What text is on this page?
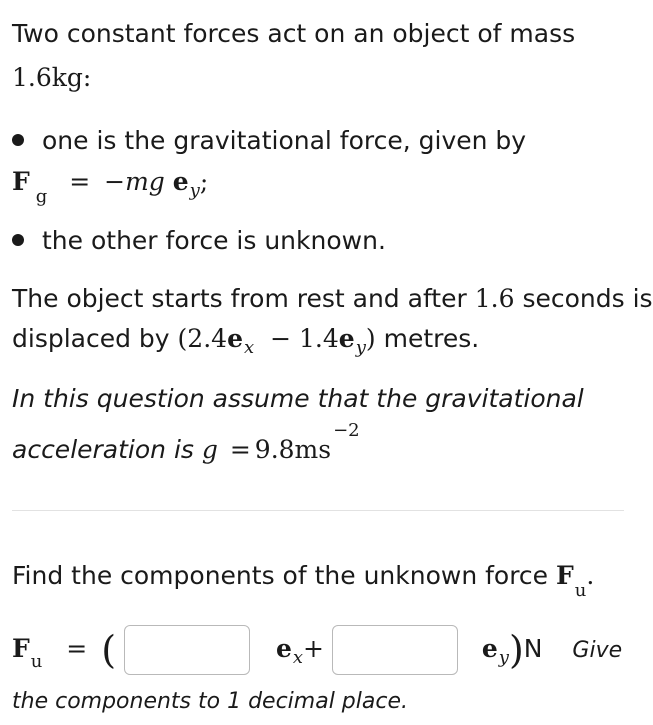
Two constant forces act on an object of mass
1.6kg:
one is the gravitational force, given by
$F_g = -mg$ $e_y$;
the other force is unknown.
The object starts from rest and after 1.6 seconds is
displaced by $(2.4e_x - 1.4e_y)$ metres.
In this question assume that the gravitational
acceleration is $g = 9.8ms^{-2}$
Find the components of the unknown force $F_u$.
$F_u$ = (	$e_x+$	$e_y)N$ Give
the components to 1 decimal place.
